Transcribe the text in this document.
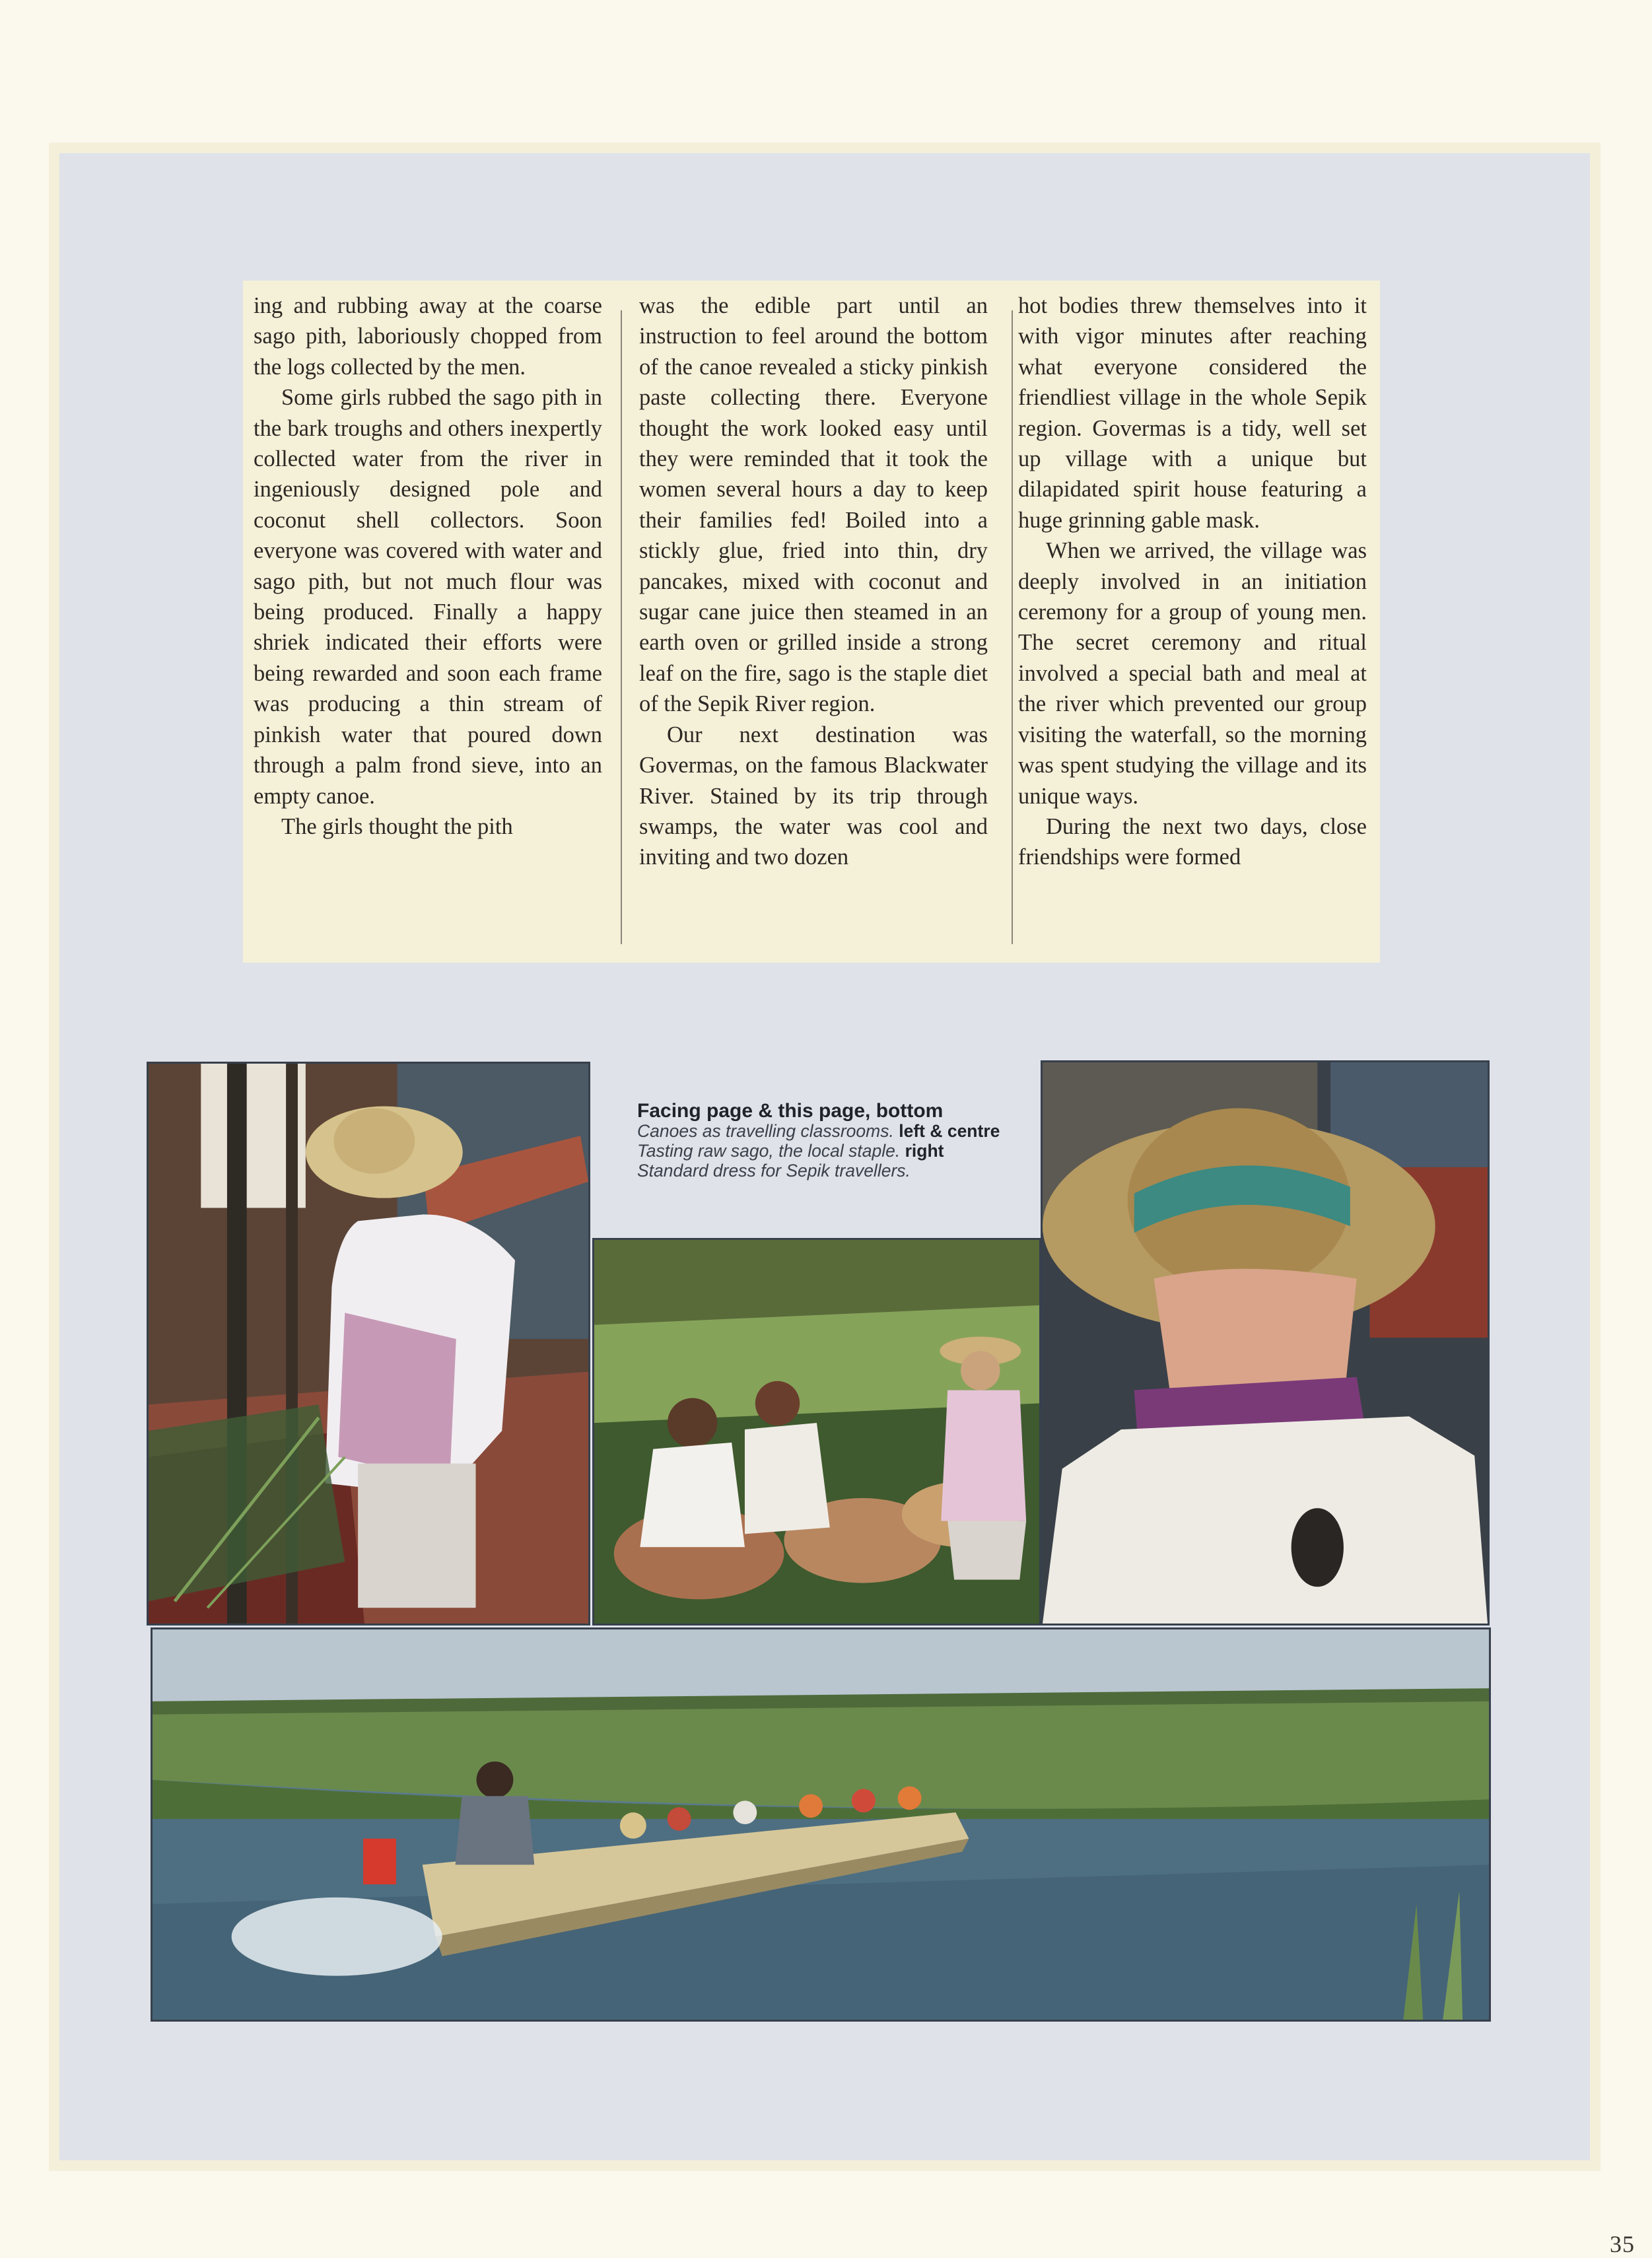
ing and rubbing away at the coarse sago pith, laboriously chopped from the logs collected by the men.

Some girls rubbed the sago pith in the bark troughs and others inexpertly collected water from the river in ingeniously designed pole and coconut shell collectors. Soon everyone was covered with water and sago pith, but not much flour was being produced. Finally a happy shriek indicated their efforts were being rewarded and soon each frame was producing a thin stream of pinkish water that poured down through a palm frond sieve, into an empty canoe.

The girls thought the pith

was the edible part until an instruction to feel around the bottom of the canoe revealed a sticky pinkish paste collecting there. Everyone thought the work looked easy until they were reminded that it took the women several hours a day to keep their families fed! Boiled into a stickly glue, fried into thin, dry pancakes, mixed with coconut and sugar cane juice then steamed in an earth oven or grilled inside a strong leaf on the fire, sago is the staple diet of the Sepik River region.

Our next destination was Govermas, on the famous Blackwater River. Stained by its trip through swamps, the water was cool and inviting and two dozen

hot bodies threw themselves into it with vigor minutes after reaching what everyone considered the friendliest village in the whole Sepik region. Govermas is a tidy, well set up village with a unique but dilapidated spirit house featuring a huge grinning gable mask.

When we arrived, the village was deeply involved in an initiation ceremony for a group of young men. The secret ceremony and ritual involved a special bath and meal at the river which prevented our group visiting the waterfall, so the morning was spent studying the village and its unique ways.

During the next two days, close friendships were formed

Facing page & this page, bottom
Canoes as travelling classrooms. left & centre Tasting raw sago, the local staple. right Standard dress for Sepik travellers.
35
